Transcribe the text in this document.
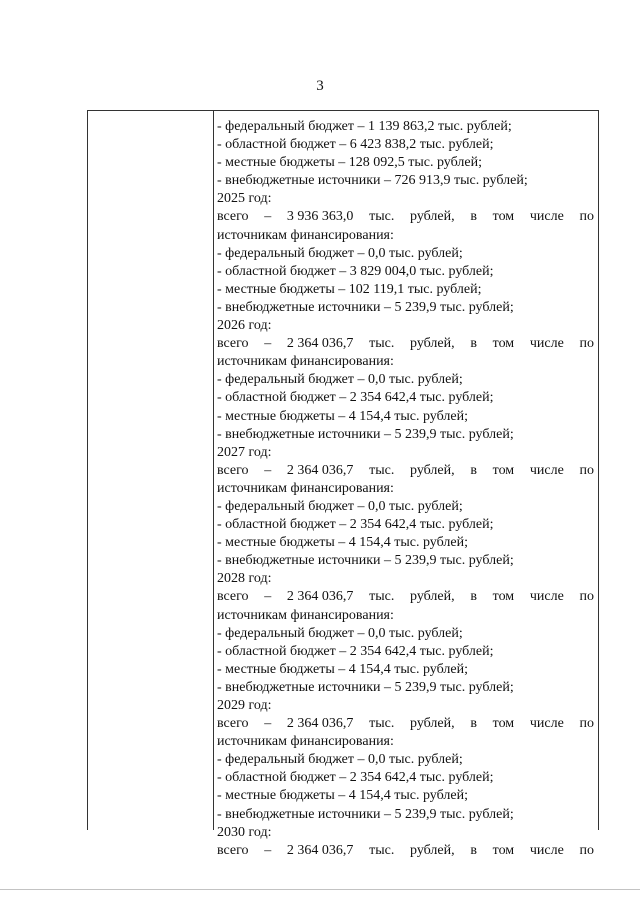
3
- федеральный бюджет – 1 139 863,2 тыс. рублей;
- областной бюджет – 6 423 838,2 тыс. рублей;
- местные бюджеты – 128 092,5 тыс. рублей;
- внебюджетные источники – 726 913,9 тыс. рублей;
2025 год:
всего – 3 936 363,0 тыс. рублей, в том числе по
источникам финансирования:
- федеральный бюджет – 0,0 тыс. рублей;
- областной бюджет – 3 829 004,0 тыс. рублей;
- местные бюджеты – 102 119,1 тыс. рублей;
- внебюджетные источники – 5 239,9 тыс. рублей;
2026 год:
всего – 2 364 036,7 тыс. рублей, в том числе по
источникам финансирования:
- федеральный бюджет – 0,0 тыс. рублей;
- областной бюджет – 2 354 642,4 тыс. рублей;
- местные бюджеты – 4 154,4 тыс. рублей;
- внебюджетные источники – 5 239,9 тыс. рублей;
2027 год:
всего – 2 364 036,7 тыс. рублей, в том числе по
источникам финансирования:
- федеральный бюджет – 0,0 тыс. рублей;
- областной бюджет – 2 354 642,4 тыс. рублей;
- местные бюджеты – 4 154,4 тыс. рублей;
- внебюджетные источники – 5 239,9 тыс. рублей;
2028 год:
всего – 2 364 036,7 тыс. рублей, в том числе по
источникам финансирования:
- федеральный бюджет – 0,0 тыс. рублей;
- областной бюджет – 2 354 642,4 тыс. рублей;
- местные бюджеты – 4 154,4 тыс. рублей;
- внебюджетные источники – 5 239,9 тыс. рублей;
2029 год:
всего – 2 364 036,7 тыс. рублей, в том числе по
источникам финансирования:
- федеральный бюджет – 0,0 тыс. рублей;
- областной бюджет – 2 354 642,4 тыс. рублей;
- местные бюджеты – 4 154,4 тыс. рублей;
- внебюджетные источники – 5 239,9 тыс. рублей;
2030 год:
всего – 2 364 036,7 тыс. рублей, в том числе по
